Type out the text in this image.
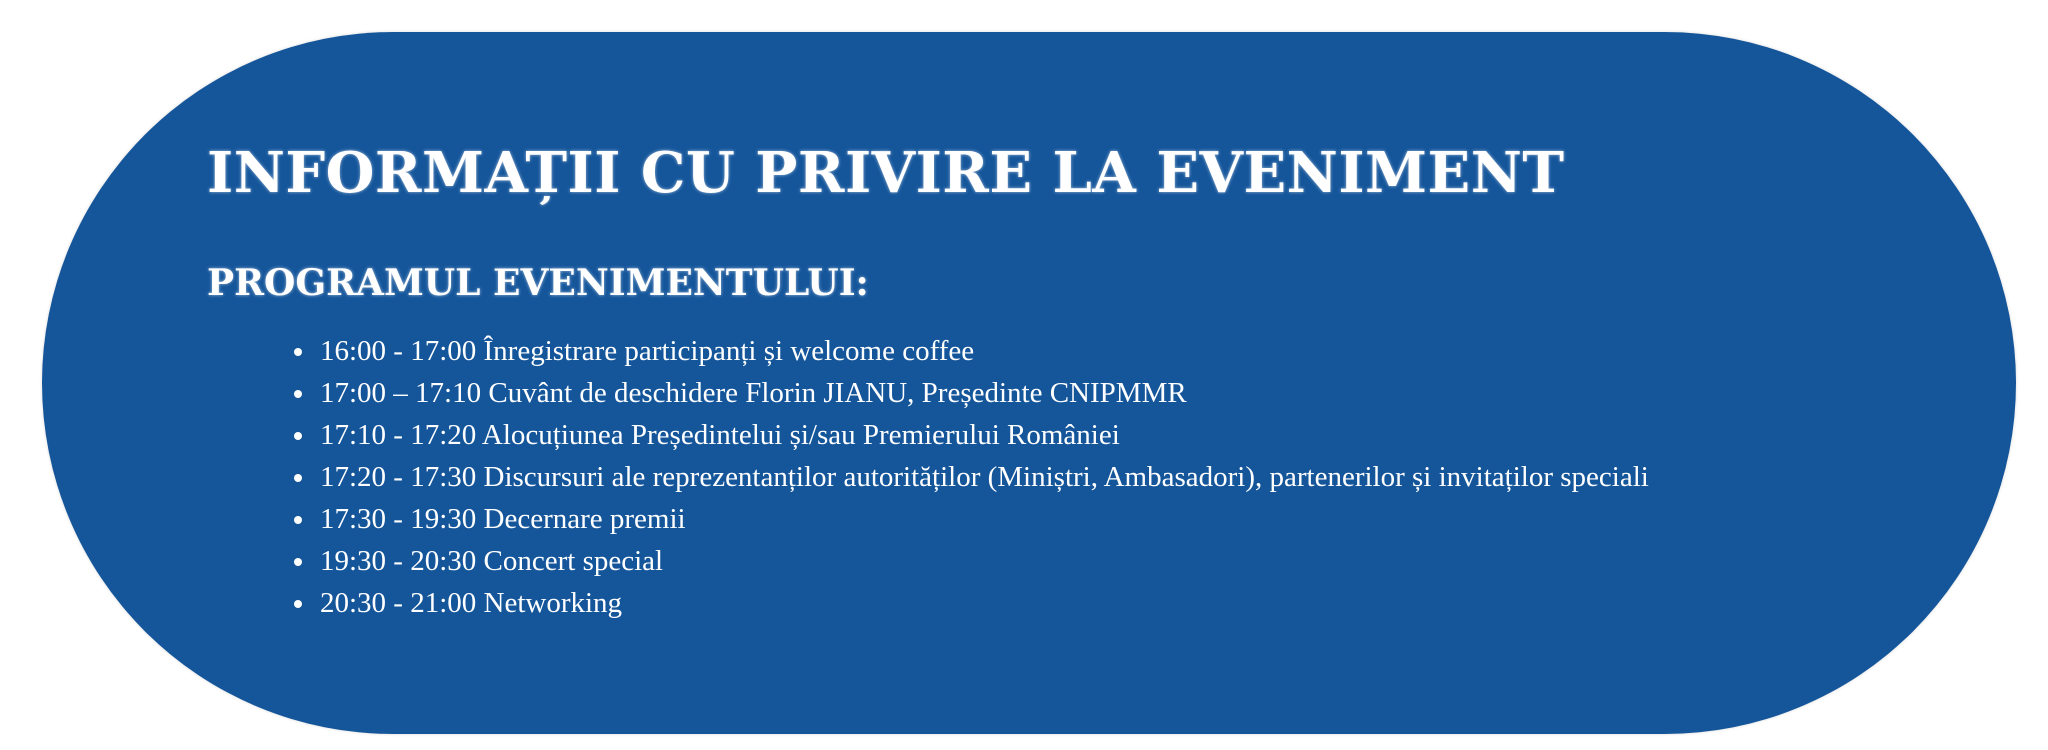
INFORMAȚII CU PRIVIRE LA EVENIMENT
PROGRAMUL EVENIMENTULUI:
16:00 - 17:00 Înregistrare participanți și welcome coffee
17:00 – 17:10 Cuvânt de deschidere Florin JIANU, Președinte CNIPMMR
17:10 - 17:20 Alocuțiunea Președintelui și/sau Premierului României
17:20 - 17:30 Discursuri ale reprezentanților autorităților (Miniștri, Ambasadori), partenerilor și invitaților speciali
17:30 - 19:30 Decernare premii
19:30 - 20:30 Concert special
20:30 - 21:00 Networking
